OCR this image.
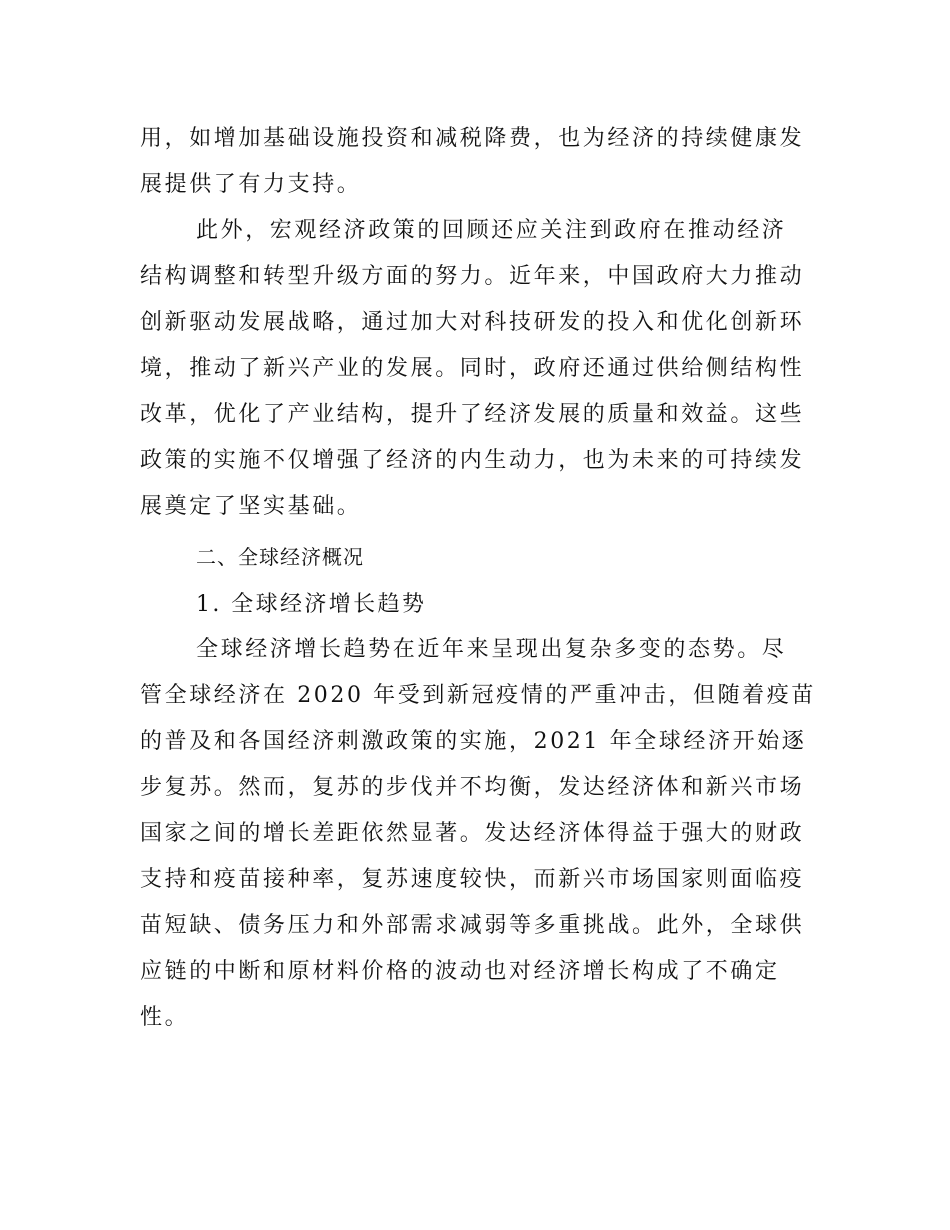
用，如增加基础设施投资和减税降费，也为经济的持续健康发
展提供了有力支持。
此外，宏观经济政策的回顾还应关注到政府在推动经济
结构调整和转型升级方面的努力。近年来，中国政府大力推动
创新驱动发展战略，通过加大对科技研发的投入和优化创新环
境，推动了新兴产业的发展。同时，政府还通过供给侧结构性
改革，优化了产业结构，提升了经济发展的质量和效益。这些
政策的实施不仅增强了经济的内生动力，也为未来的可持续发
展奠定了坚实基础。
二、全球经济概况
1. 全球经济增长趋势
全球经济增长趋势在近年来呈现出复杂多变的态势。尽
管全球经济在 2020 年受到新冠疫情的严重冲击，但随着疫苗
的普及和各国经济刺激政策的实施，2021 年全球经济开始逐
步复苏。然而，复苏的步伐并不均衡，发达经济体和新兴市场
国家之间的增长差距依然显著。发达经济体得益于强大的财政
支持和疫苗接种率，复苏速度较快，而新兴市场国家则面临疫
苗短缺、债务压力和外部需求减弱等多重挑战。此外，全球供
应链的中断和原材料价格的波动也对经济增长构成了不确定
性。
